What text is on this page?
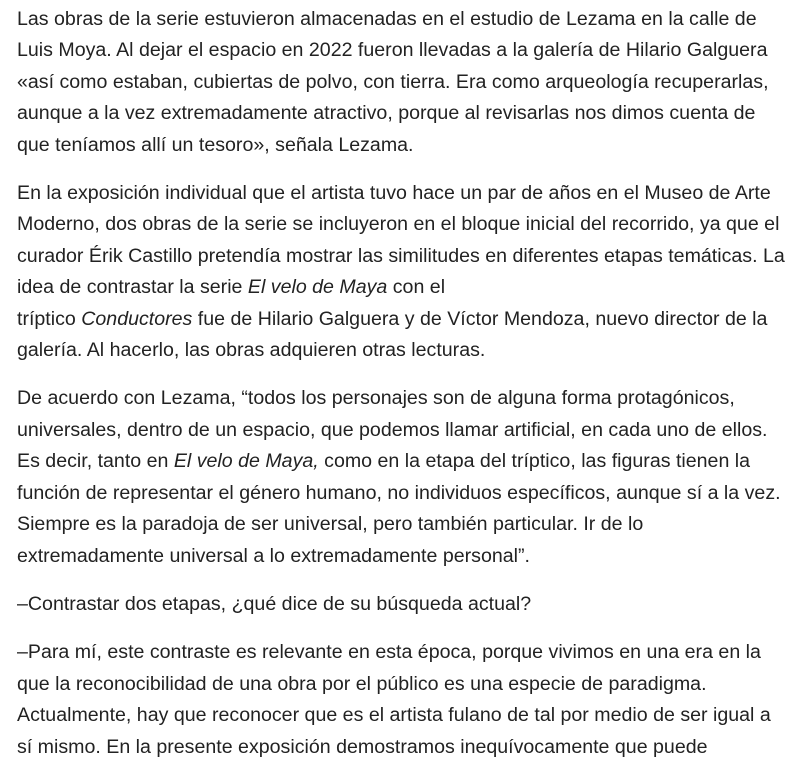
Las obras de la serie estuvieron almacenadas en el estudio de Lezama en la calle de Luis Moya. Al dejar el espacio en 2022 fueron llevadas a la galería de Hilario Galguera «así como estaban, cubiertas de polvo, con tierra. Era como arqueología recuperarlas, aunque a la vez extremadamente atractivo, porque al revisarlas nos dimos cuenta de que teníamos allí un tesoro», señala Lezama.

En la exposición individual que el artista tuvo hace un par de años en el Museo de Arte Moderno, dos obras de la serie se incluyeron en el bloque inicial del recorrido, ya que el curador Érik Castillo pretendía mostrar las similitudes en diferentes etapas temáticas. La idea de contrastar la serie El velo de Maya con el
tríptico Conductores fue de Hilario Galguera y de Víctor Mendoza, nuevo director de la galería. Al hacerlo, las obras adquieren otras lecturas.

De acuerdo con Lezama, “todos los personajes son de alguna forma protagónicos, universales, dentro de un espacio, que podemos llamar artificial, en cada uno de ellos. Es decir, tanto en El velo de Maya, como en la etapa del tríptico, las figuras tienen la función de representar el género humano, no individuos específicos, aunque sí a la vez. Siempre es la paradoja de ser universal, pero también particular. Ir de lo extremadamente universal a lo extremadamente personal”.

–Contrastar dos etapas, ¿qué dice de su búsqueda actual?

–Para mí, este contraste es relevante en esta época, porque vivimos en una era en la que la reconocibilidad de una obra por el público es una especie de paradigma. Actualmente, hay que reconocer que es el artista fulano de tal por medio de ser igual a sí mismo. En la presente exposición demostramos inequívocamente que puede
